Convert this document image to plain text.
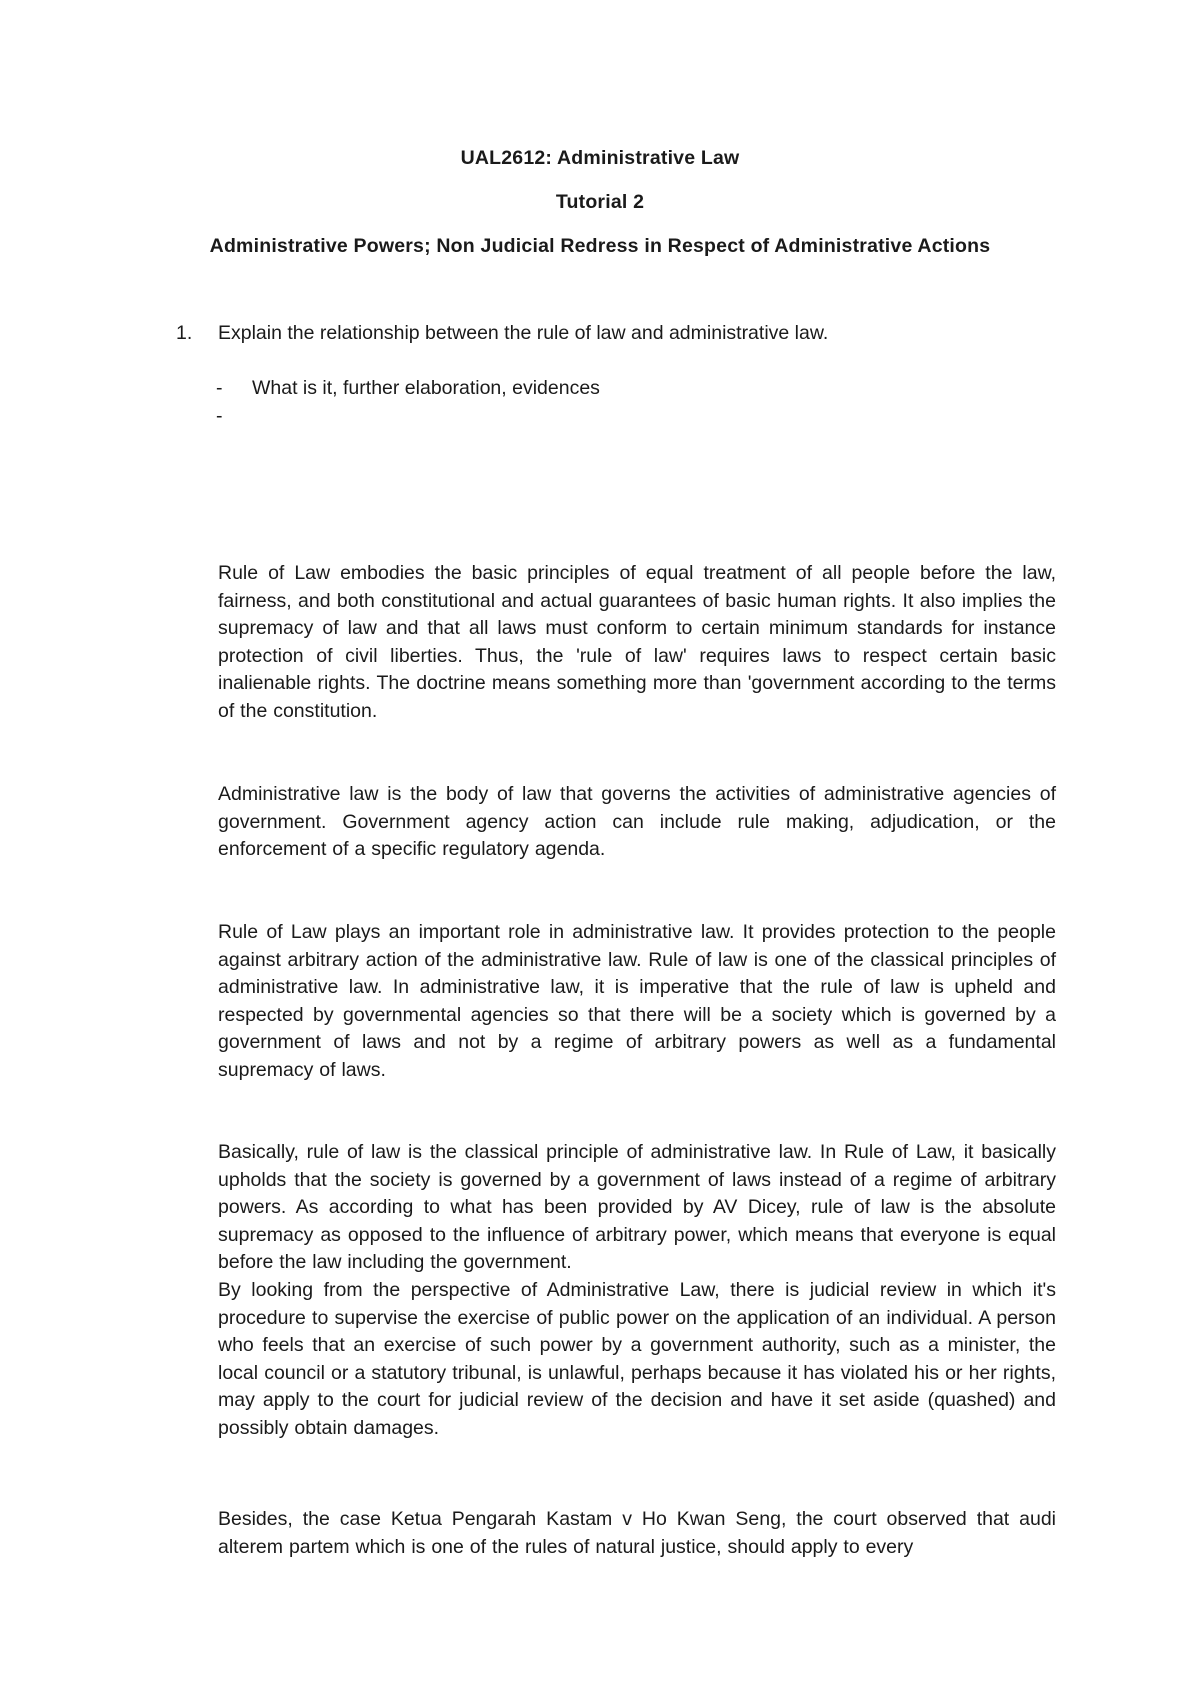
UAL2612: Administrative Law

Tutorial 2

Administrative Powers; Non Judicial Redress in Respect of Administrative Actions

1. Explain the relationship between the rule of law and administrative law.

- What is it, further elaboration, evidences

-

Rule of Law embodies the basic principles of equal treatment of all people before the law, fairness, and both constitutional and actual guarantees of basic human rights. It also implies the supremacy of law and that all laws must conform to certain minimum standards for instance protection of civil liberties. Thus, the 'rule of law' requires laws to respect certain basic inalienable rights. The doctrine means something more than 'government according to the terms of the constitution.

Administrative law is the body of law that governs the activities of administrative agencies of government. Government agency action can include rule making, adjudication, or the enforcement of a specific regulatory agenda.

Rule of Law plays an important role in administrative law. It provides protection to the people against arbitrary action of the administrative law. Rule of law is one of the classical principles of administrative law. In administrative law, it is imperative that the rule of law is upheld and respected by governmental agencies so that there will be a society which is governed by a government of laws and not by a regime of arbitrary powers as well as a fundamental supremacy of laws.

Basically, rule of law is the classical principle of administrative law. In Rule of Law, it basically upholds that the society is governed by a government of laws instead of a regime of arbitrary powers. As according to what has been provided by AV Dicey, rule of law is the absolute supremacy as opposed to the influence of arbitrary power, which means that everyone is equal before the law including the government.

By looking from the perspective of Administrative Law, there is judicial review in which it's procedure to supervise the exercise of public power on the application of an individual. A person who feels that an exercise of such power by a government authority, such as a minister, the local council or a statutory tribunal, is unlawful, perhaps because it has violated his or her rights, may apply to the court for judicial review of the decision and have it set aside (quashed) and possibly obtain damages.

Besides, the case Ketua Pengarah Kastam v Ho Kwan Seng, the court observed that audi alterem partem which is one of the rules of natural justice, should apply to every
